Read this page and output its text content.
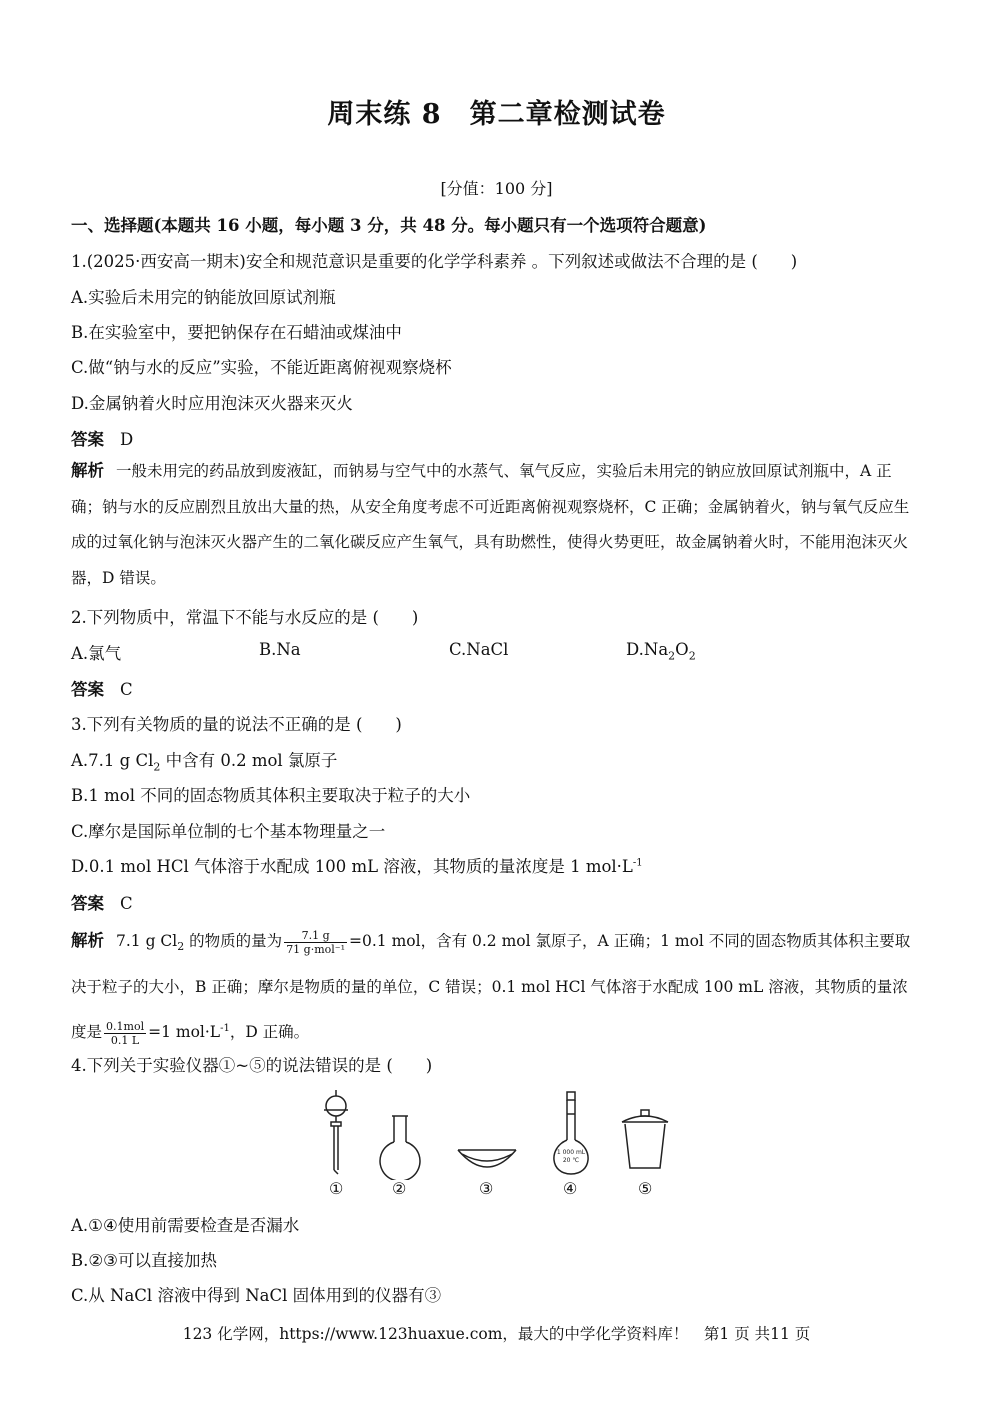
周末练 8　第二章检测试卷
[分值：100 分]
一、选择题(本题共 16 小题，每小题 3 分，共 48 分。每小题只有一个选项符合题意)
1.(2025·西安高一期末)安全和规范意识是重要的化学学科素养 。下列叙述或做法不合理的是 (　　)
A.实验后未用完的钠能放回原试剂瓶
B.在实验室中，要把钠保存在石蜡油或煤油中
C.做“钠与水的反应”实验，不能近距离俯视观察烧杯
D.金属钠着火时应用泡沫灭火器来灭火
答案 D
解析 一般未用完的药品放到废液缸，而钠易与空气中的水蒸气、氧气反应，实验后未用完的钠应放回原试剂瓶中，A 正确；钠与水的反应剧烈且放出大量的热，从安全角度考虑不可近距离俯视观察烧杯，C 正确；金属钠着火，钠与氧气反应生成的过氧化钠与泡沫灭火器产生的二氧化碳反应产生氧气，具有助燃性，使得火势更旺，故金属钠着火时，不能用泡沫灭火器，D 错误。
2.下列物质中，常温下不能与水反应的是 (　　)
A.氯气	B.Na	C.NaCl	$D.Na_2O_2$
答案 C
3.下列有关物质的量的说法不正确的是 (　　)
A.7.1 g $Cl_2$ 中含有 0.2 mol 氯原子
B.1 mol 不同的固态物质其体积主要取决于粒子的大小
C.摩尔是国际单位制的七个基本物理量之一
D.0.1 mol HCl 气体溶于水配成 100 mL 溶液，其物质的量浓度是 1 $mol\cdot L^{-1}$
答案 C
解析 7.1 g $Cl_2$ 的物质的量为 $\frac{7.1 g}{\text{71 g·mol⁻¹}} =0.1$ mol，含有 0.2 mol 氯原子，A 正确；1 mol 不同的固态物质其体积主要取决于粒子的大小，B 正确；摩尔是物质的量的单位，C 错误；0.1 mol HCl 气体溶于水配成 100 mL 溶液，其物质的量浓度是 $\frac{\text{0.1mol}}{0.1 L} =1$ $mol\cdot L^{-1}$，D 正确。
4.下列关于实验仪器①~⑤的说法错误的是 (　　)
1 000 mL
20 ℃
①	②	③	④	⑤
A.①④使用前需要检查是否漏水
B.②③可以直接加热
C.从 NaCl 溶液中得到 NaCl 固体用到的仪器有③
123 化学网，https://www.123huaxue.com，最大的中学化学资料库！　第1 页 共11 页
